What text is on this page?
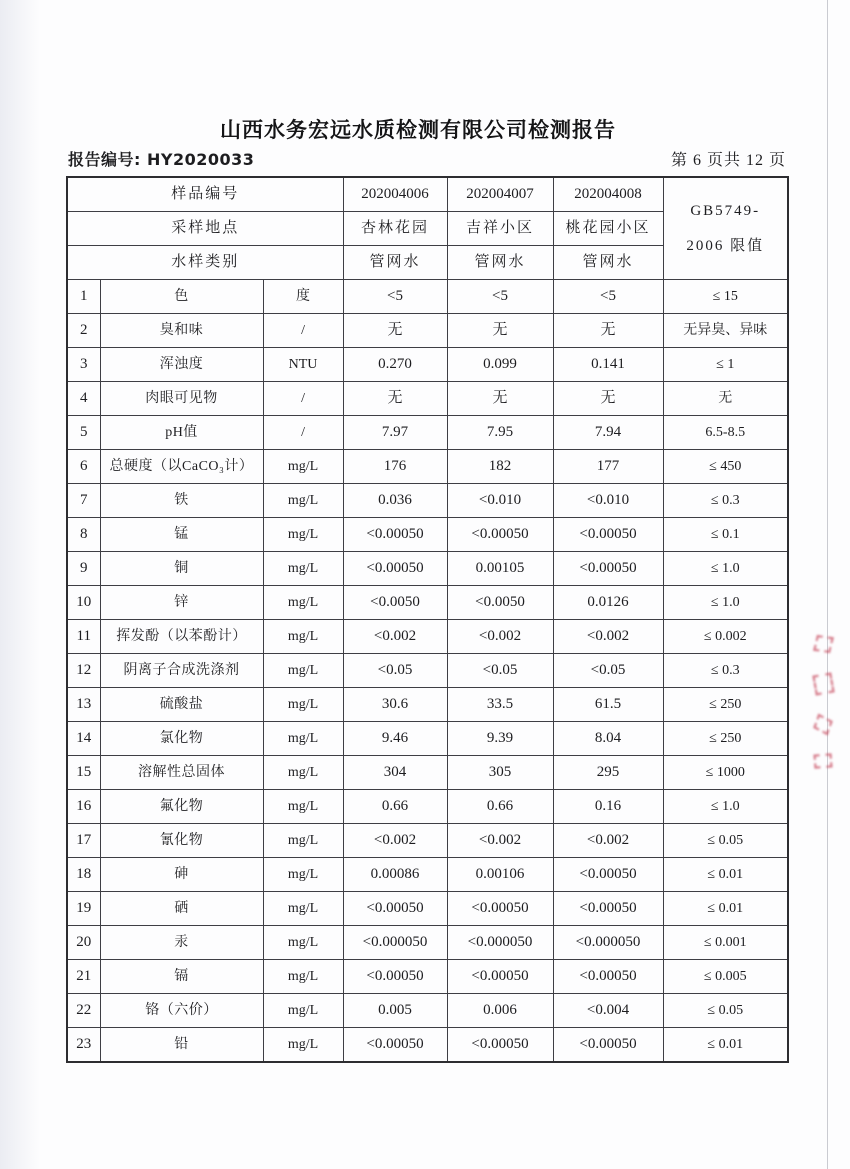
山西水务宏远水质检测有限公司检测报告
报告编号: HY2020033	第 6 页共 12 页
样品编号			202004006	202004007	202004008	GB5749-
2006 限值

采样地点			杏林花园	吉祥小区	桃花园小区	
水样类别			管网水	管网水	管网水	
1	色	度	<5	<5	<5	≤ 15
2	臭和味	/	无	无	无	无异臭、异味
3	浑浊度	NTU	0.270	0.099	0.141	≤ 1
4	肉眼可见物	/	无	无	无	无
5	pH值	/	7.97	7.95	7.94	6.5-8.5
6	总硬度（以CaCO₃计）	mg/L	176	182	177	≤ 450
7	铁	mg/L	0.036	<0.010	<0.010	≤ 0.3
8	锰	mg/L	<0.00050	<0.00050	<0.00050	≤ 0.1
9	铜	mg/L	<0.00050	0.00105	<0.00050	≤ 1.0
10	锌	mg/L	<0.0050	<0.0050	0.0126	≤ 1.0
11	挥发酚（以苯酚计）	mg/L	<0.002	<0.002	<0.002	≤ 0.002
12	阴离子合成洗涤剂	mg/L	<0.05	<0.05	<0.05	≤ 0.3
13	硫酸盐	mg/L	30.6	33.5	61.5	≤ 250
14	氯化物	mg/L	9.46	9.39	8.04	≤ 250
15	溶解性总固体	mg/L	304	305	295	≤ 1000
16	氟化物	mg/L	0.66	0.66	0.16	≤ 1.0
17	氰化物	mg/L	<0.002	<0.002	<0.002	≤ 0.05
18	砷	mg/L	0.00086	0.00106	<0.00050	≤ 0.01
19	硒	mg/L	<0.00050	<0.00050	<0.00050	≤ 0.01
20	汞	mg/L	<0.000050	<0.000050	<0.000050	≤ 0.001
21	镉	mg/L	<0.00050	<0.00050	<0.00050	≤ 0.005
22	铬（六价）	mg/L	0.005	0.006	<0.004	≤ 0.05
23	铅	mg/L	<0.00050	<0.00050	<0.00050	≤ 0.01
